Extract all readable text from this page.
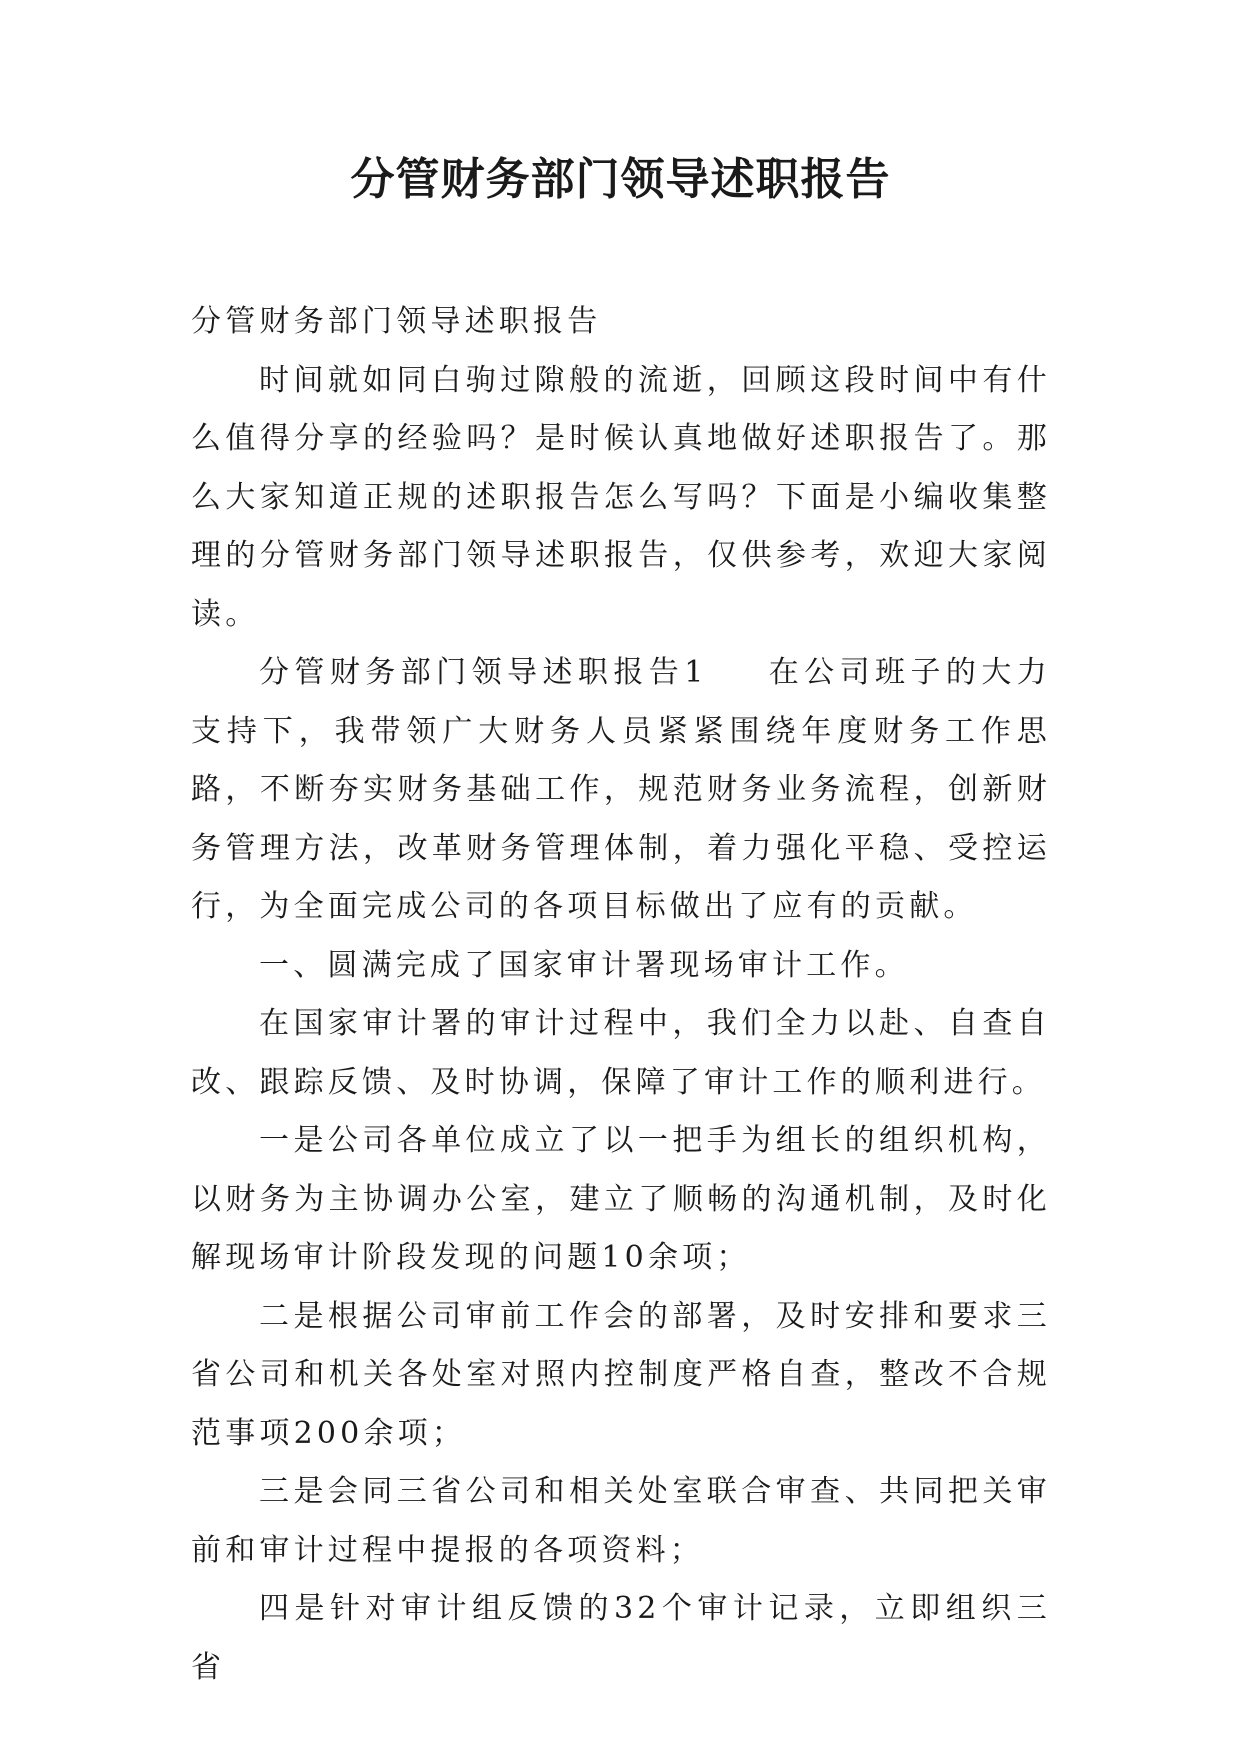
分管财务部门领导述职报告

分管财务部门领导述职报告

时间就如同白驹过隙般的流逝，回顾这段时间中有什么值得分享的经验吗？是时候认真地做好述职报告了。那么大家知道正规的述职报告怎么写吗？下面是小编收集整理的分管财务部门领导述职报告，仅供参考，欢迎大家阅读。

分管财务部门领导述职报告1 在公司班子的大力支持下，我带领广大财务人员紧紧围绕年度财务工作思路，不断夯实财务基础工作，规范财务业务流程，创新财务管理方法，改革财务管理体制，着力强化平稳、受控运行，为全面完成公司的各项目标做出了应有的贡献。

一、圆满完成了国家审计署现场审计工作。

在国家审计署的审计过程中，我们全力以赴、自查自改、跟踪反馈、及时协调，保障了审计工作的顺利进行。

一是公司各单位成立了以一把手为组长的组织机构，以财务为主协调办公室，建立了顺畅的沟通机制，及时化解现场审计阶段发现的问题10余项；

二是根据公司审前工作会的部署，及时安排和要求三省公司和机关各处室对照内控制度严格自查，整改不合规范事项200余项；

三是会同三省公司和相关处室联合审查、共同把关审前和审计过程中提报的各项资料；

四是针对审计组反馈的32个审计记录，立即组织三省
